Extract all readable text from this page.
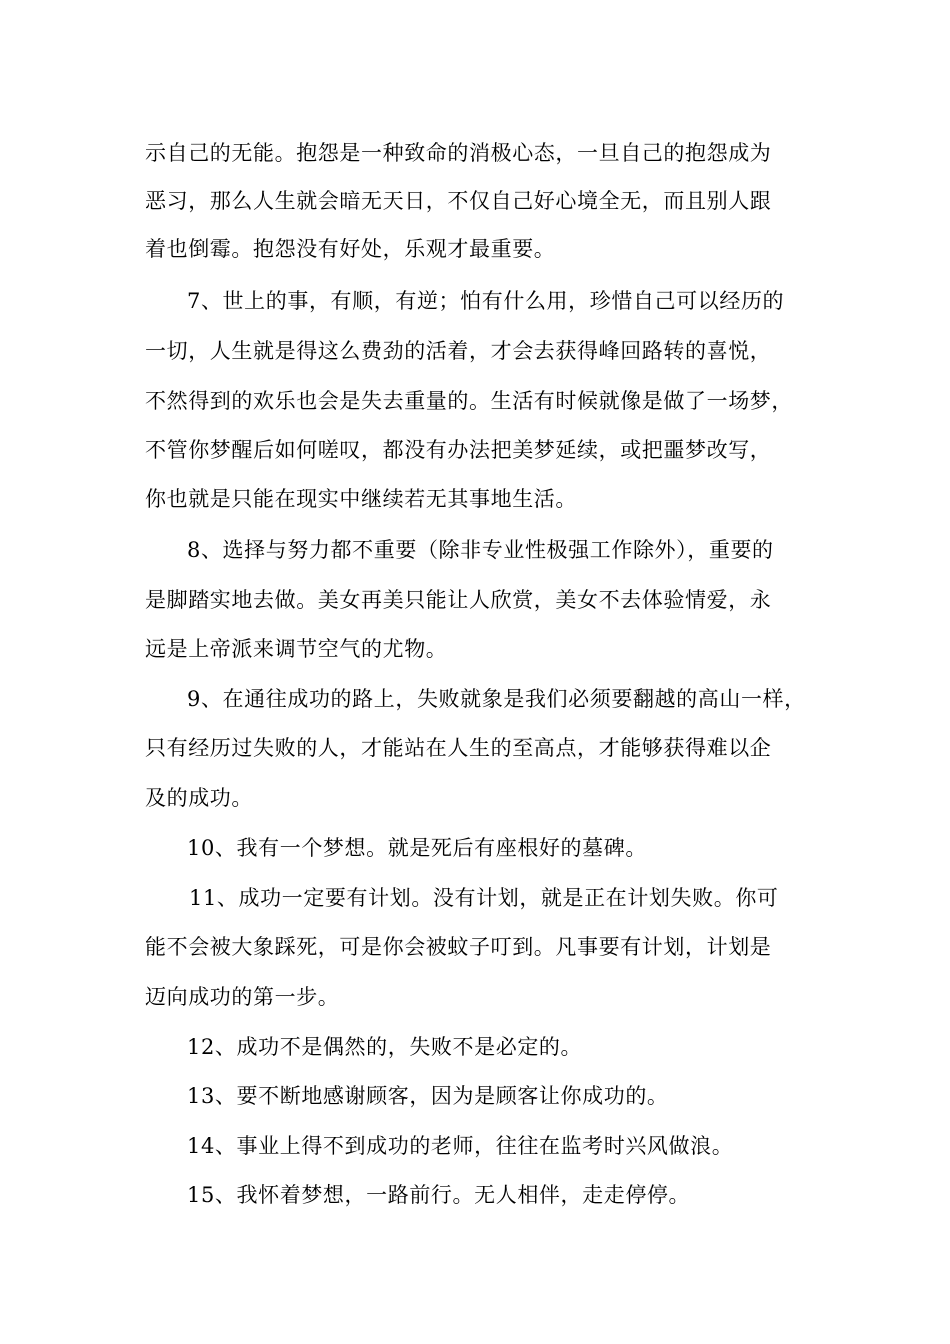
示自己的无能。抱怨是一种致命的消极心态，一旦自己的抱怨成为
恶习，那么人生就会暗无天日，不仅自己好心境全无，而且别人跟
着也倒霉。抱怨没有好处，乐观才最重要。
7、世上的事，有顺，有逆；怕有什么用，珍惜自己可以经历的
一切，人生就是得这么费劲的活着，才会去获得峰回路转的喜悦，
不然得到的欢乐也会是失去重量的。生活有时候就像是做了一场梦，
不管你梦醒后如何嗟叹，都没有办法把美梦延续，或把噩梦改写，
你也就是只能在现实中继续若无其事地生活。
8、选择与努力都不重要（除非专业性极强工作除外），重要的
是脚踏实地去做。美女再美只能让人欣赏，美女不去体验情爱，永
远是上帝派来调节空气的尤物。
9、在通往成功的路上，失败就象是我们必须要翻越的高山一样，
只有经历过失败的人，才能站在人生的至高点，才能够获得难以企
及的成功。
10、我有一个梦想。就是死后有座根好的墓碑。
11、成功一定要有计划。没有计划，就是正在计划失败。你可
能不会被大象踩死，可是你会被蚊子叮到。凡事要有计划，计划是
迈向成功的第一步。
12、成功不是偶然的，失败不是必定的。
13、要不断地感谢顾客，因为是顾客让你成功的。
14、事业上得不到成功的老师，往往在监考时兴风做浪。
15、我怀着梦想，一路前行。无人相伴，走走停停。
